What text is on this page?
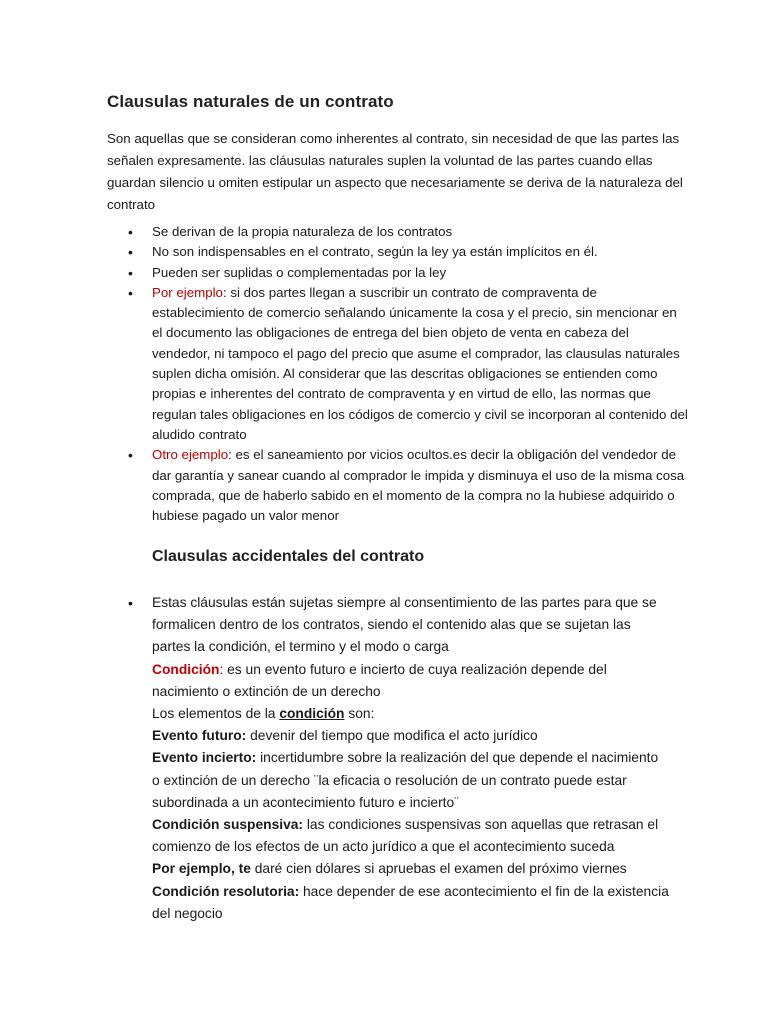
Clausulas naturales de un contrato
Son aquellas que se consideran como inherentes al contrato, sin necesidad de que las partes las
señalen expresamente. las cláusulas naturales suplen la voluntad de las partes cuando ellas
guardan silencio u omiten estipular un aspecto que necesariamente se deriva de la naturaleza del
contrato
• Se derivan de la propia naturaleza de los contratos
• No son indispensables en el contrato, según la ley ya están implícitos en él.
• Pueden ser suplidas o complementadas por la ley
• Por ejemplo: si dos partes llegan a suscribir un contrato de compraventa de
establecimiento de comercio señalando únicamente la cosa y el precio, sin mencionar en
el documento las obligaciones de entrega del bien objeto de venta en cabeza del
vendedor, ni tampoco el pago del precio que asume el comprador, las clausulas naturales
suplen dicha omisión. Al considerar que las descritas obligaciones se entienden como
propias e inherentes del contrato de compraventa y en virtud de ello, las normas que
regulan tales obligaciones en los códigos de comercio y civil se incorporan al contenido del
aludido contrato
• Otro ejemplo: es el saneamiento por vicios ocultos.es decir la obligación del vendedor de
dar garantía y sanear cuando al comprador le impida y disminuya el uso de la misma cosa
comprada, que de haberlo sabido en el momento de la compra no la hubiese adquirido o
hubiese pagado un valor menor
Clausulas accidentales del contrato
• Estas cláusulas están sujetas siempre al consentimiento de las partes para que se
formalicen dentro de los contratos, siendo el contenido alas que se sujetan las
partes la condición, el termino y el modo o carga
Condición: es un evento futuro e incierto de cuya realización depende del
nacimiento o extinción de un derecho
Los elementos de la condición son:
Evento futuro: devenir del tiempo que modifica el acto jurídico
Evento incierto: incertidumbre sobre la realización del que depende el nacimiento
o extinción de un derecho ¨la eficacia o resolución de un contrato puede estar
subordinada a un acontecimiento futuro e incierto¨
Condición suspensiva: las condiciones suspensivas son aquellas que retrasan el
comienzo de los efectos de un acto jurídico a que el acontecimiento suceda
Por ejemplo, te daré cien dólares si apruebas el examen del próximo viernes
Condición resolutoria: hace depender de ese acontecimiento el fin de la existencia
del negocio
